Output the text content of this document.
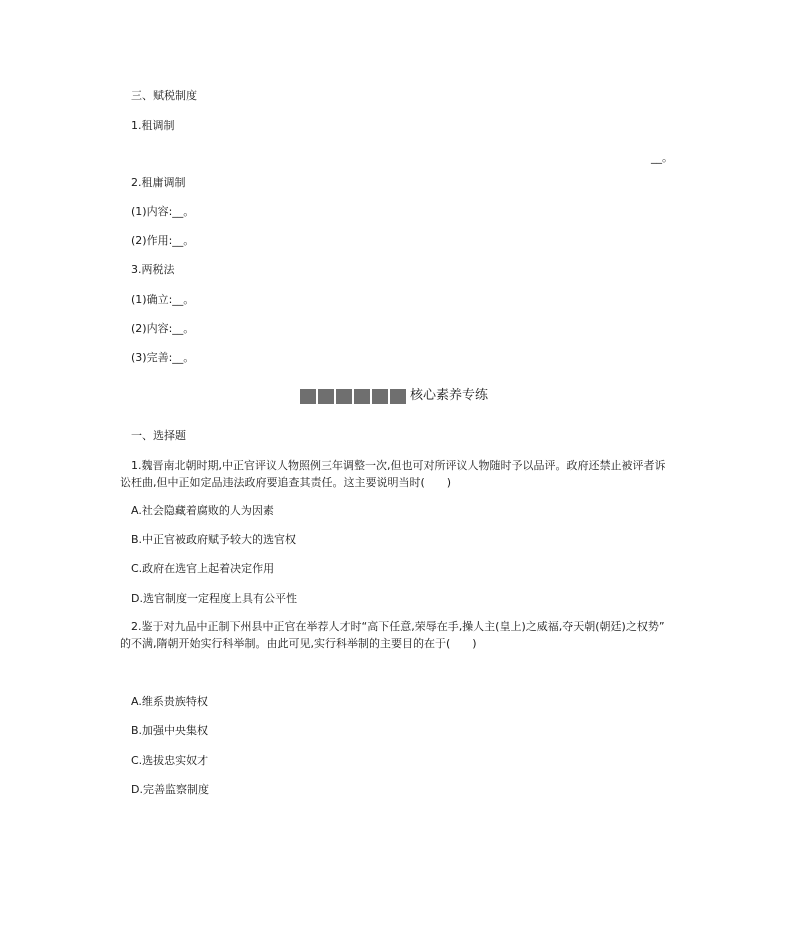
三、赋税制度
1.租调制
__。
2.租庸调制
(1)内容:__。
(2)作用:__。
3.两税法
(1)确立:__。
(2)内容:__。
(3)完善:__。
核心素养专练
一、选择题
1.魏晋南北朝时期,中正官评议人物照例三年调整一次,但也可对所评议人物随时予以品评。政府还禁止被评者诉
讼枉曲,但中正如定品违法政府要追查其责任。这主要说明当时(　　)
A.社会隐藏着腐败的人为因素
B.中正官被政府赋予较大的选官权
C.政府在选官上起着决定作用
D.选官制度一定程度上具有公平性
2.鉴于对九品中正制下州县中正官在举荐人才时“高下任意,荣辱在手,操人主(皇上)之威福,夺天朝(朝廷)之权势”
的不满,隋朝开始实行科举制。由此可见,实行科举制的主要目的在于(　　)
A.维系贵族特权
B.加强中央集权
C.选拔忠实奴才
D.完善监察制度
